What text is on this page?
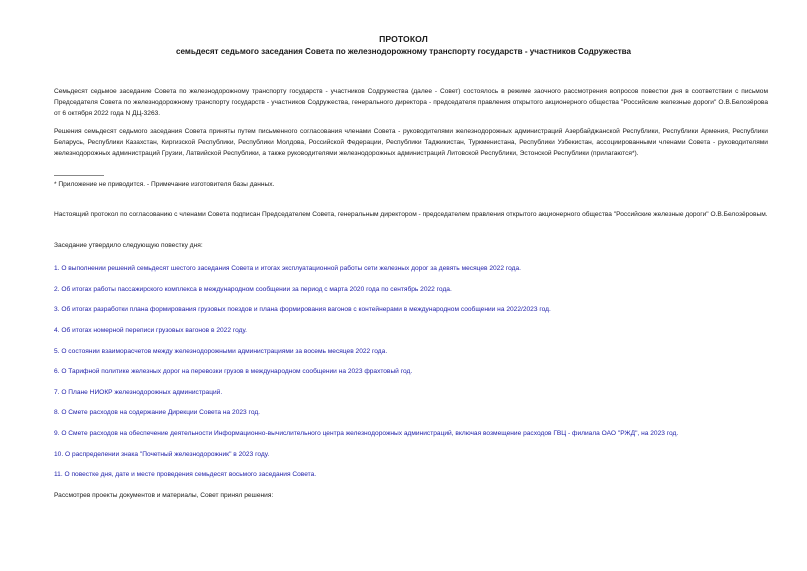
ПРОТОКОЛ
семьдесят седьмого заседания Совета по железнодорожному транспорту государств - участников Содружества

Семьдесят седьмое заседание Совета по железнодорожному транспорту государств - участников Содружества (далее - Совет) состоялось в режиме заочного рассмотрения вопросов повестки дня в соответствии с письмом Председателя Совета по железнодорожному транспорту государств - участников Содружества, генерального директора - председателя правления открытого акционерного общества "Российские железные дороги" О.В.Белозёрова от 6 октября 2022 года N ДЦ-3263.

Решения семьдесят седьмого заседания Совета приняты путем письменного согласования членами Совета - руководителями железнодорожных администраций Азербайджанской Республики, Республики Армения, Республики Беларусь, Республики Казахстан, Киргизской Республики, Республики Молдова, Российской Федерации, Республики Таджикистан, Туркменистана, Республики Узбекистан, ассоциированными членами Совета - руководителями железнодорожных администраций Грузии, Латвийской Республики, а также руководителями железнодорожных администраций Литовской Республики, Эстонской Республики (прилагаются*).

* Приложение не приводится. - Примечание изготовителя базы данных.

Настоящий протокол по согласованию с членами Совета подписан Председателем Совета, генеральным директором - председателем правления открытого акционерного общества "Российские железные дороги" О.В.Белозёровым.

Заседание утвердило следующую повестку дня:
1. О выполнении решений семьдесят шестого заседания Совета и итогах эксплуатационной работы сети железных дорог за девять месяцев 2022 года.
2. Об итогах работы пассажирского комплекса в международном сообщении за период с марта 2020 года по сентябрь 2022 года.
3. Об итогах разработки плана формирования грузовых поездов и плана формирования вагонов с контейнерами в международном сообщении на 2022/2023 год.
4. Об итогах номерной переписи грузовых вагонов в 2022 году.
5. О состоянии взаиморасчетов между железнодорожными администрациями за восемь месяцев 2022 года.
6. О Тарифной политике железных дорог на перевозки грузов в международном сообщении на 2023 фрахтовый год.
7. О Плане НИОКР железнодорожных администраций.
8. О Смете расходов на содержание Дирекции Совета на 2023 год.
9. О Смете расходов на обеспечение деятельности Информационно-вычислительного центра железнодорожных администраций, включая возмещение расходов ГВЦ - филиала ОАО "РЖД", на 2023 год.
10. О распределении знака "Почетный железнодорожник" в 2023 году.
11. О повестке дня, дате и месте проведения семьдесят восьмого заседания Совета.
Рассмотрев проекты документов и материалы, Совет принял решения:
